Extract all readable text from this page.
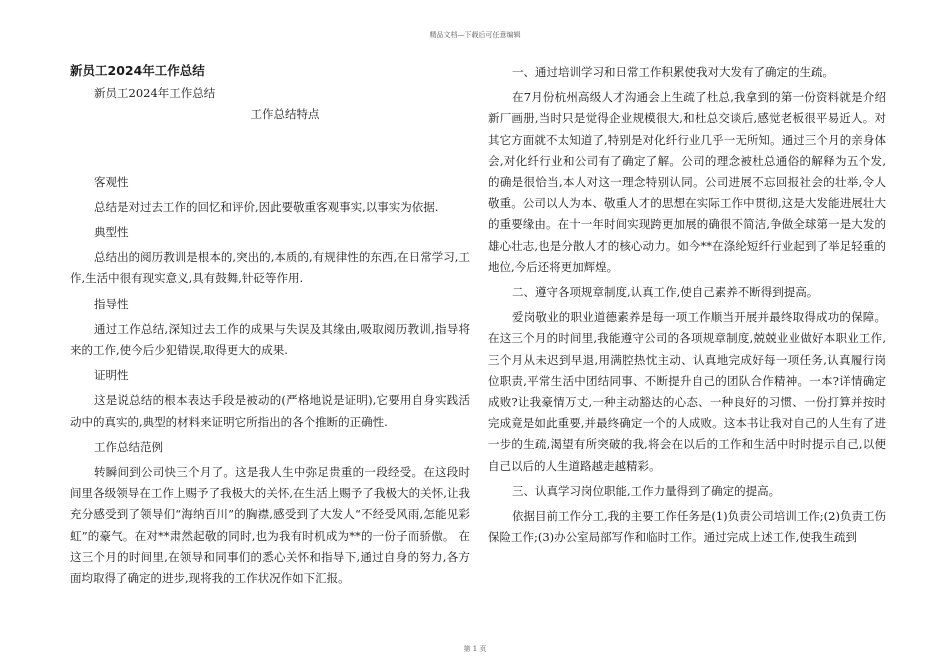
精品文档—下载后可任意编辑

新员工2024年工作总结

新员工2024年工作总结

工作总结特点

客观性

总结是对过去工作的回忆和评价,因此要敬重客观事实,以事实为依据.

典型性

总结出的阅历教训是根本的,突出的,本质的,有规律性的东西,在日常学习,工作,生活中很有现实意义,具有鼓舞,针砭等作用.

指导性

通过工作总结,深知过去工作的成果与失误及其缘由,吸取阅历教训,指导将来的工作,使今后少犯错误,取得更大的成果.

证明性

这是说总结的根本表达手段是被动的(严格地说是证明),它要用自身实践活动中的真实的,典型的材料来证明它所指出的各个推断的正确性.

工作总结范例

转瞬间到公司快三个月了。这是我人生中弥足贵重的一段经受。在这段时间里各级领导在工作上赐予了我极大的关怀,在生活上赐予了我极大的关怀,让我充分感受到了领导们“海纳百川”的胸襟,感受到了大发人“不经受风雨,怎能见彩虹”的豪气。在对**肃然起敬的同时,也为我有时机成为**的一份子而骄傲。 在这三个月的时间里,在领导和同事们的悉心关怀和指导下,通过自身的努力,各方面均取得了确定的进步,现将我的工作状况作如下汇报。

一、通过培训学习和日常工作积累使我对大发有了确定的生疏。

在7月份杭州高级人才沟通会上生疏了杜总,我拿到的第一份资料就是介绍新厂画册,当时只是觉得企业规模很大,和杜总交谈后,感觉老板很平易近人。对其它方面就不太知道了,特别是对化纤行业几乎一无所知。通过三个月的亲身体会,对化纤行业和公司有了确定了解。公司的理念被杜总通俗的解释为五个发,的确是很恰当,本人对这一理念特别认同。公司进展不忘回报社会的壮举,令人敬重。公司以人为本、敬重人才的思想在实际工作中贯彻,这是大发能进展壮大的重要缘由。在十一年时间实现跨更加展的确很不简洁,争做全球第一是大发的雄心壮志,也是分散人才的核心动力。如今**在涤纶短纤行业起到了举足轻重的地位,今后还将更加辉煌。

二、遵守各项规章制度,认真工作,使自己素养不断得到提高。

爱岗敬业的职业道德素养是每一项工作顺当开展并最终取得成功的保障。在这三个月的时间里,我能遵守公司的各项规章制度,兢兢业业做好本职业工作,三个月从未迟到早退,用满腔热忱主动、认真地完成好每一项任务,认真履行岗位职责,平常生活中团结同事、不断提升自己的团队合作精神。一本?详情确定成败?让我豪情万丈,一种主动豁达的心态、一种良好的习惯、一份打算并按时完成竟是如此重要,并最终确定一个的人成败。这本书让我对自己的人生有了进一步的生疏,渴望有所突破的我,将会在以后的工作和生活中时时提示自己,以便自己以后的人生道路越走越精彩。

三、认真学习岗位职能,工作力量得到了确定的提高。

依据目前工作分工,我的主要工作任务是(1)负责公司培训工作;(2)负责工伤保险工作;(3)办公室局部写作和临时工作。通过完成上述工作,使我生疏到

第 1 页
